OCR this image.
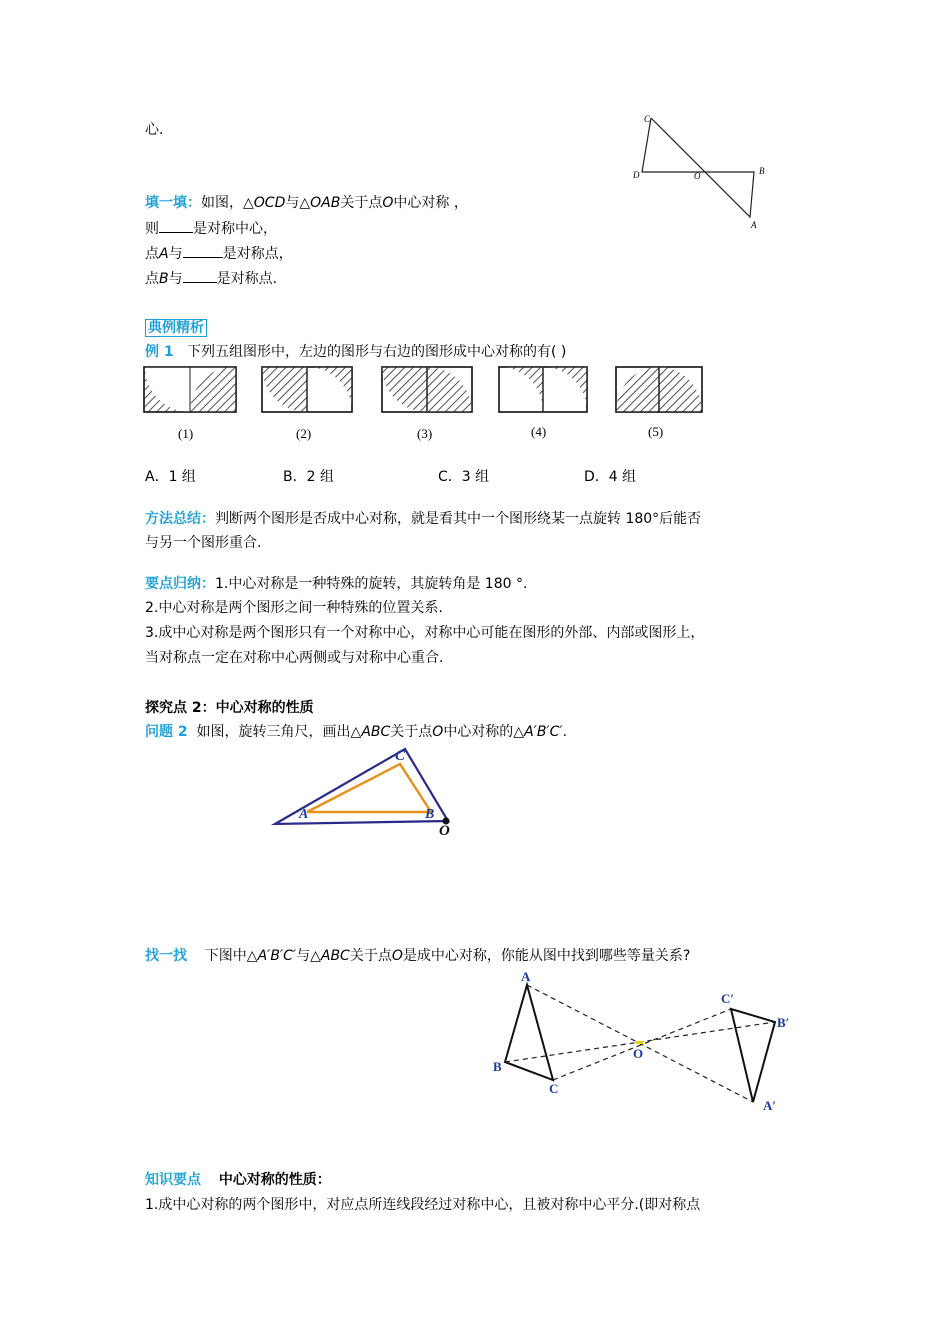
心.
填一填：如图，△OCD与△OAB关于点O中心对称 ，
则 是对称中心，
点A与	是对称点，
点B与 是对称点.
C
D	O	B
A
典例精析
例 1 下列五组图形中，左边的图形与右边的图形成中心对称的有( )
(1)	(2)	(3)	(4)	(5)
A．1 组	B．2 组	C．3 组	D．4 组
方法总结：判断两个图形是否成中心对称，就是看其中一个图形绕某一点旋转 180°后能否
与另一个图形重合.
要点归纳：1.中心对称是一种特殊的旋转，其旋转角是 180 °.
2.中心对称是两个图形之间一种特殊的位置关系.
3.成中心对称是两个图形只有一个对称中心，对称中心可能在图形的外部、内部或图形上，
当对称点一定在对称中心两侧或与对称中心重合.
探究点 2：中心对称的性质
问题 2 如图，旋转三角尺，画出△ABC关于点O中心对称的△A′B′C′.
C
A	B
O
找一找 下图中△A′B′C′与△ABC关于点O是成中心对称，你能从图中找到哪些等量关系?
A
B
C
O
C′
B′
A′
知识要点 中心对称的性质：
1.成中心对称的两个图形中，对应点所连线段经过对称中心，且被对称中心平分.(即对称点
